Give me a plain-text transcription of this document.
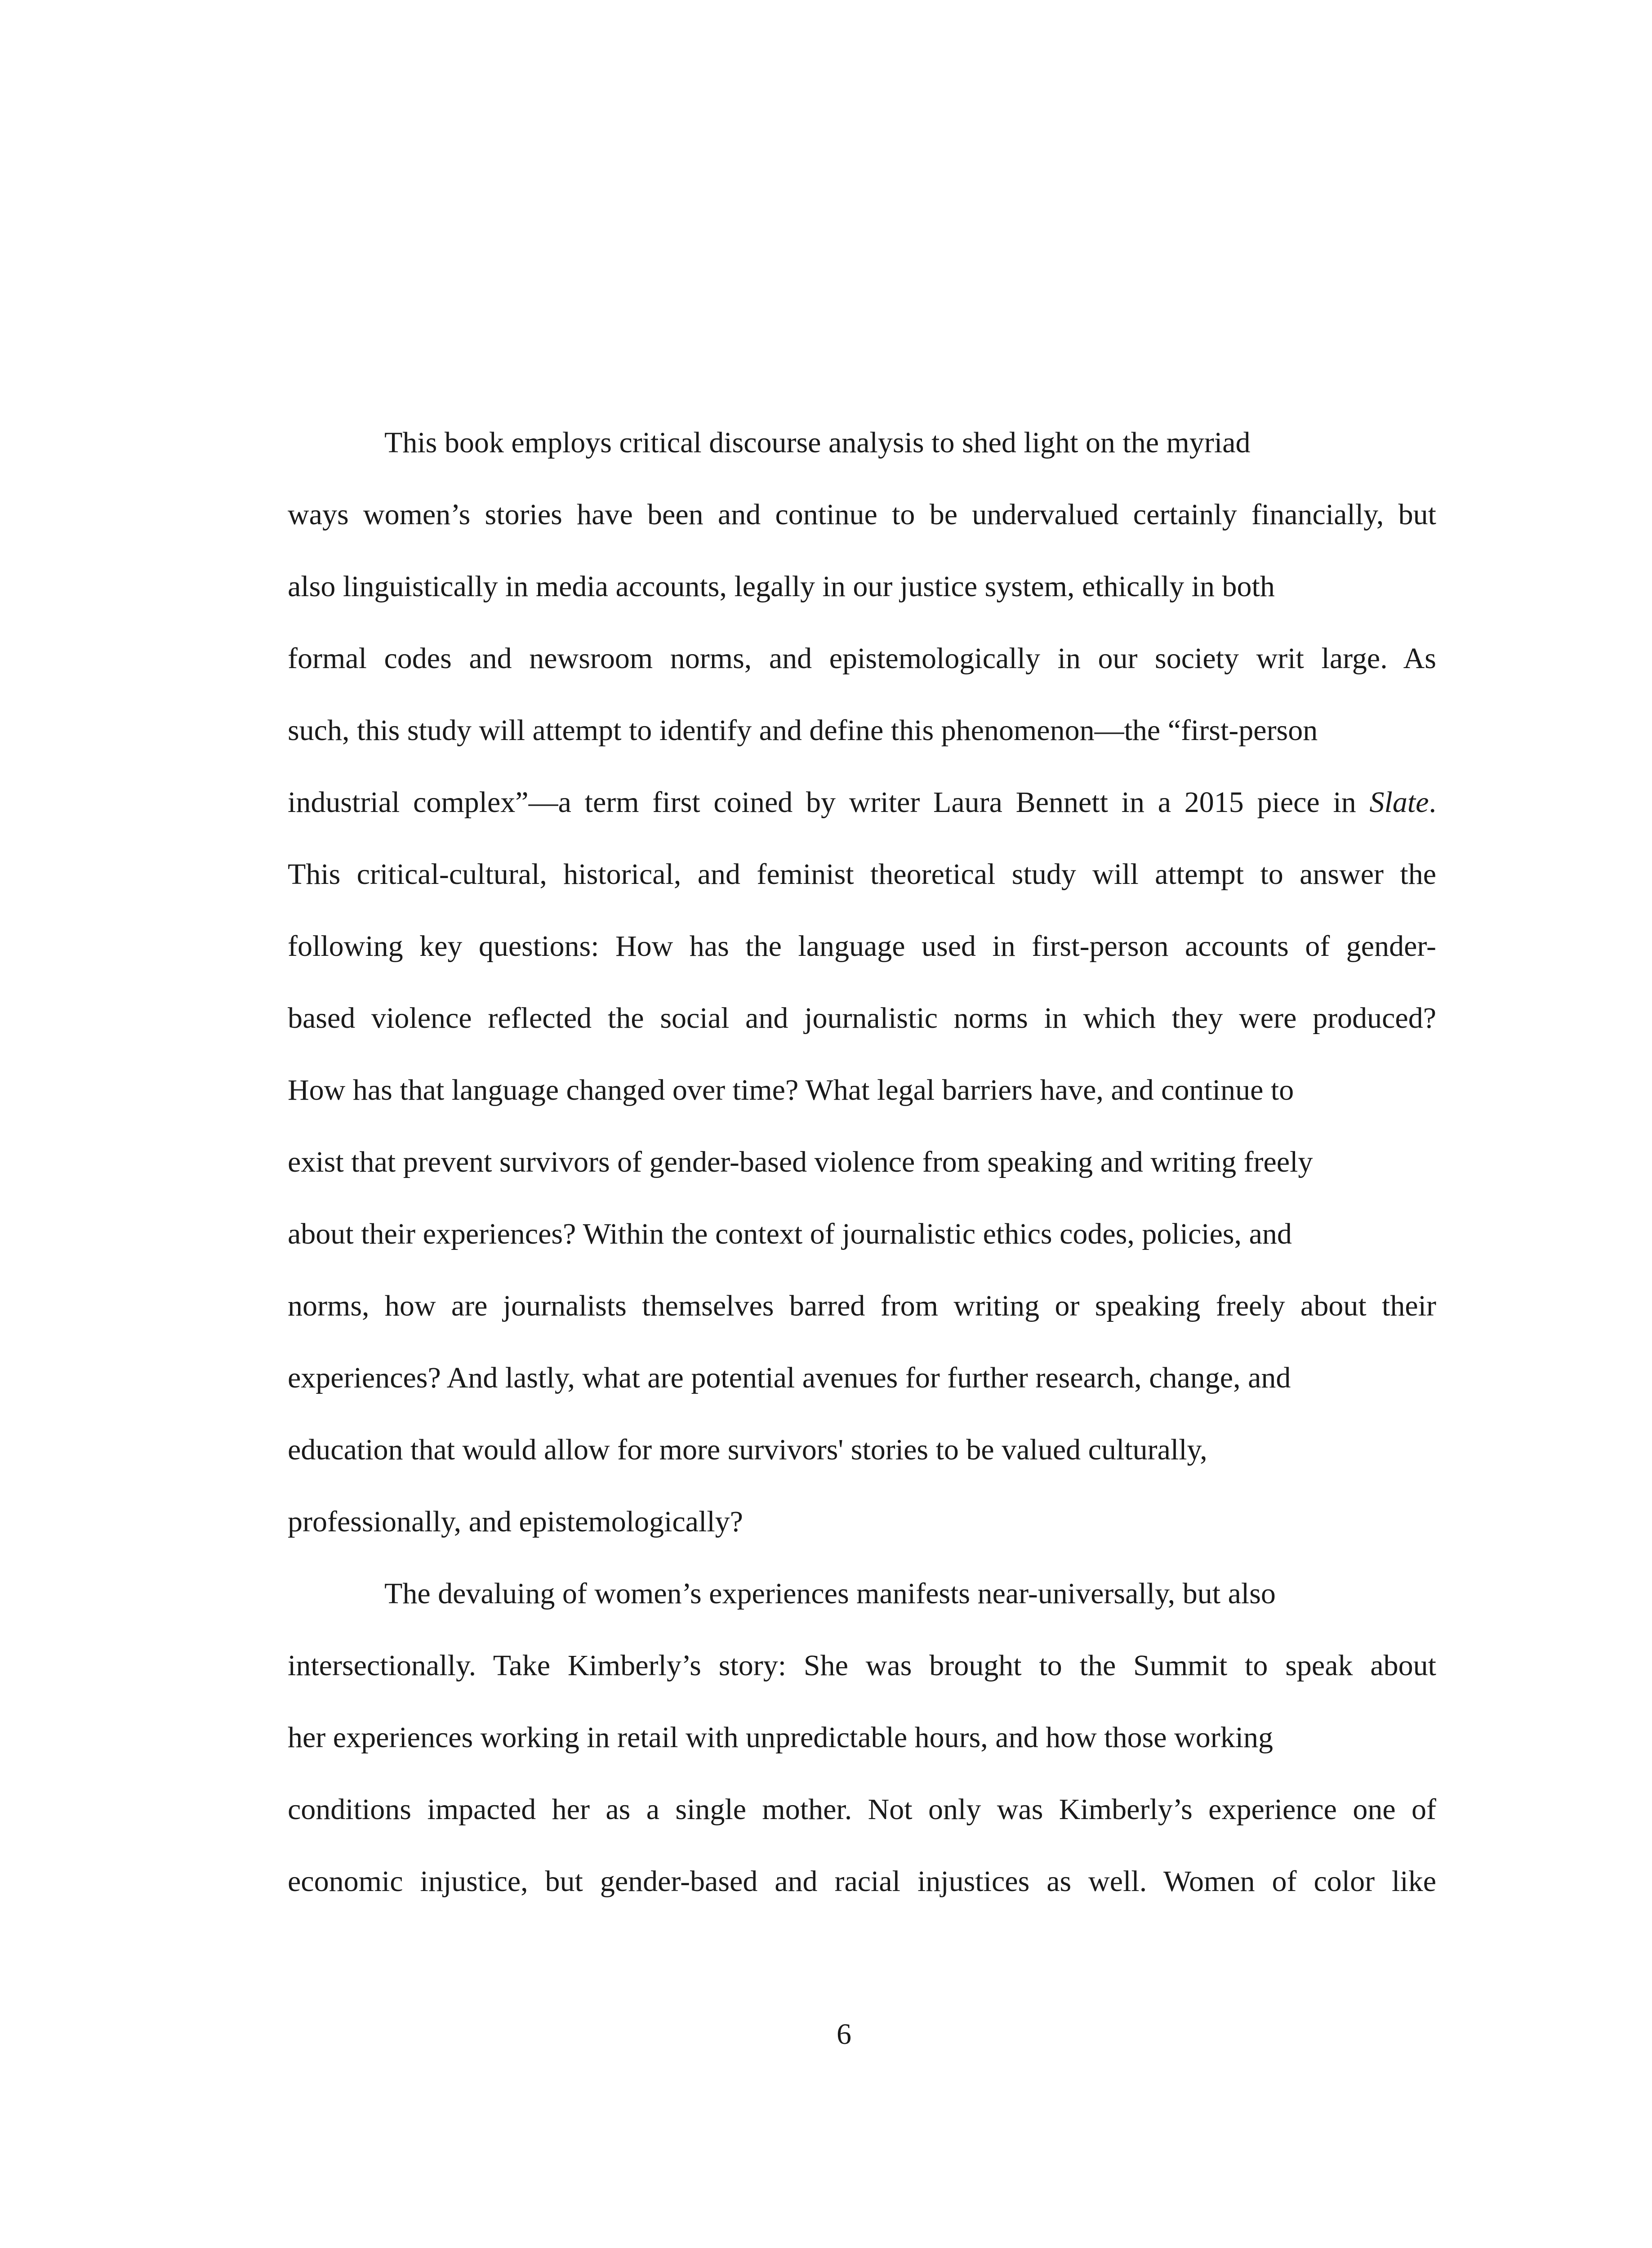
This book employs critical discourse analysis to shed light on the myriad
ways women’s stories have been and continue to be undervalued certainly financially, but
also linguistically in media accounts, legally in our justice system, ethically in both
formal codes and newsroom norms, and epistemologically in our society writ large. As
such, this study will attempt to identify and define this phenomenon—the “first-person
industrial complex”—a term first coined by writer Laura Bennett in a 2015 piece in Slate.
This critical-cultural, historical, and feminist theoretical study will attempt to answer the
following key questions: How has the language used in first-person accounts of gender-
based violence reflected the social and journalistic norms in which they were produced?
How has that language changed over time? What legal barriers have, and continue to
exist that prevent survivors of gender-based violence from speaking and writing freely
about their experiences? Within the context of journalistic ethics codes, policies, and
norms, how are journalists themselves barred from writing or speaking freely about their
experiences? And lastly, what are potential avenues for further research, change, and
education that would allow for more survivors' stories to be valued culturally,
professionally, and epistemologically?
The devaluing of women’s experiences manifests near-universally, but also
intersectionally. Take Kimberly’s story: She was brought to the Summit to speak about
her experiences working in retail with unpredictable hours, and how those working
conditions impacted her as a single mother. Not only was Kimberly’s experience one of
economic injustice, but gender-based and racial injustices as well. Women of color like
6
